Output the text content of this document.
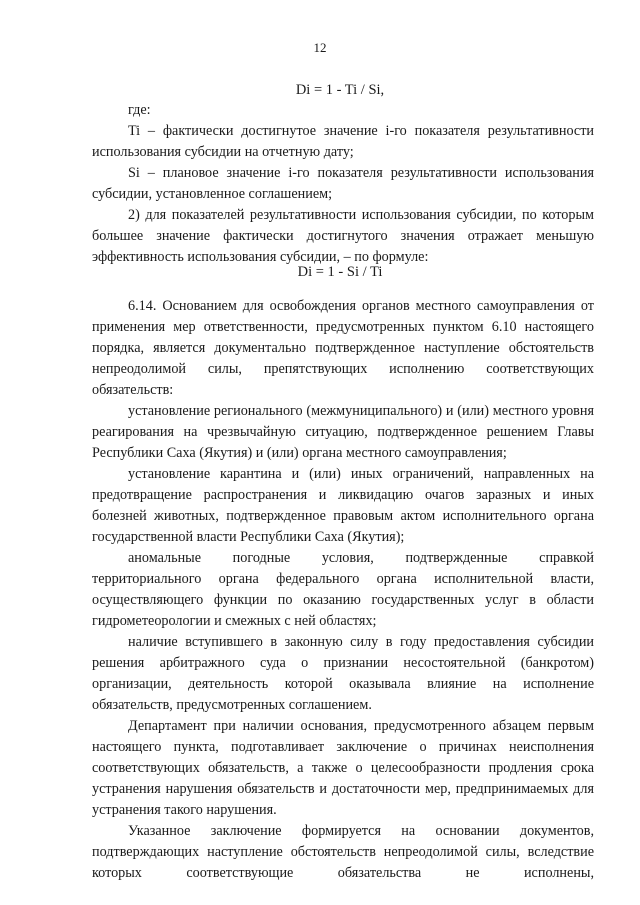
12
Di = 1 - Ti / Si,

где:

Ti – фактически достигнутое значение i-го показателя результативности использования субсидии на отчетную дату;

Si – плановое значение i-го показателя результативности использования субсидии, установленное соглашением;

2) для показателей результативности использования субсидии, по которым большее значение фактически достигнутого значения отражает меньшую эффективность использования субсидии, – по формуле:

Di = 1 - Si / Ti

6.14. Основанием для освобождения органов местного самоуправления от применения мер ответственности, предусмотренных пунктом 6.10 настоящего порядка, является документально подтвержденное наступление обстоятельств непреодолимой силы, препятствующих исполнению соответствующих обязательств:

установление регионального (межмуниципального) и (или) местного уровня реагирования на чрезвычайную ситуацию, подтвержденное решением Главы Республики Саха (Якутия) и (или) органа местного самоуправления;

установление карантина и (или) иных ограничений, направленных на предотвращение распространения и ликвидацию очагов заразных и иных болезней животных, подтвержденное правовым актом исполнительного органа государственной власти Республики Саха (Якутия);

аномальные погодные условия, подтвержденные справкой территориального органа федерального органа исполнительной власти, осуществляющего функции по оказанию государственных услуг в области гидрометеорологии и смежных с ней областях;

наличие вступившего в законную силу в году предоставления субсидии решения арбитражного суда о признании несостоятельной (банкротом) организации, деятельность которой оказывала влияние на исполнение обязательств, предусмотренных соглашением.

Департамент при наличии основания, предусмотренного абзацем первым настоящего пункта, подготавливает заключение о причинах неисполнения соответствующих обязательств, а также о целесообразности продления срока устранения нарушения обязательств и достаточности мер, предпринимаемых для устранения такого нарушения.

Указанное заключение формируется на основании документов, подтверждающих наступление обстоятельств непреодолимой силы, вследствие которых соответствующие обязательства не исполнены,
